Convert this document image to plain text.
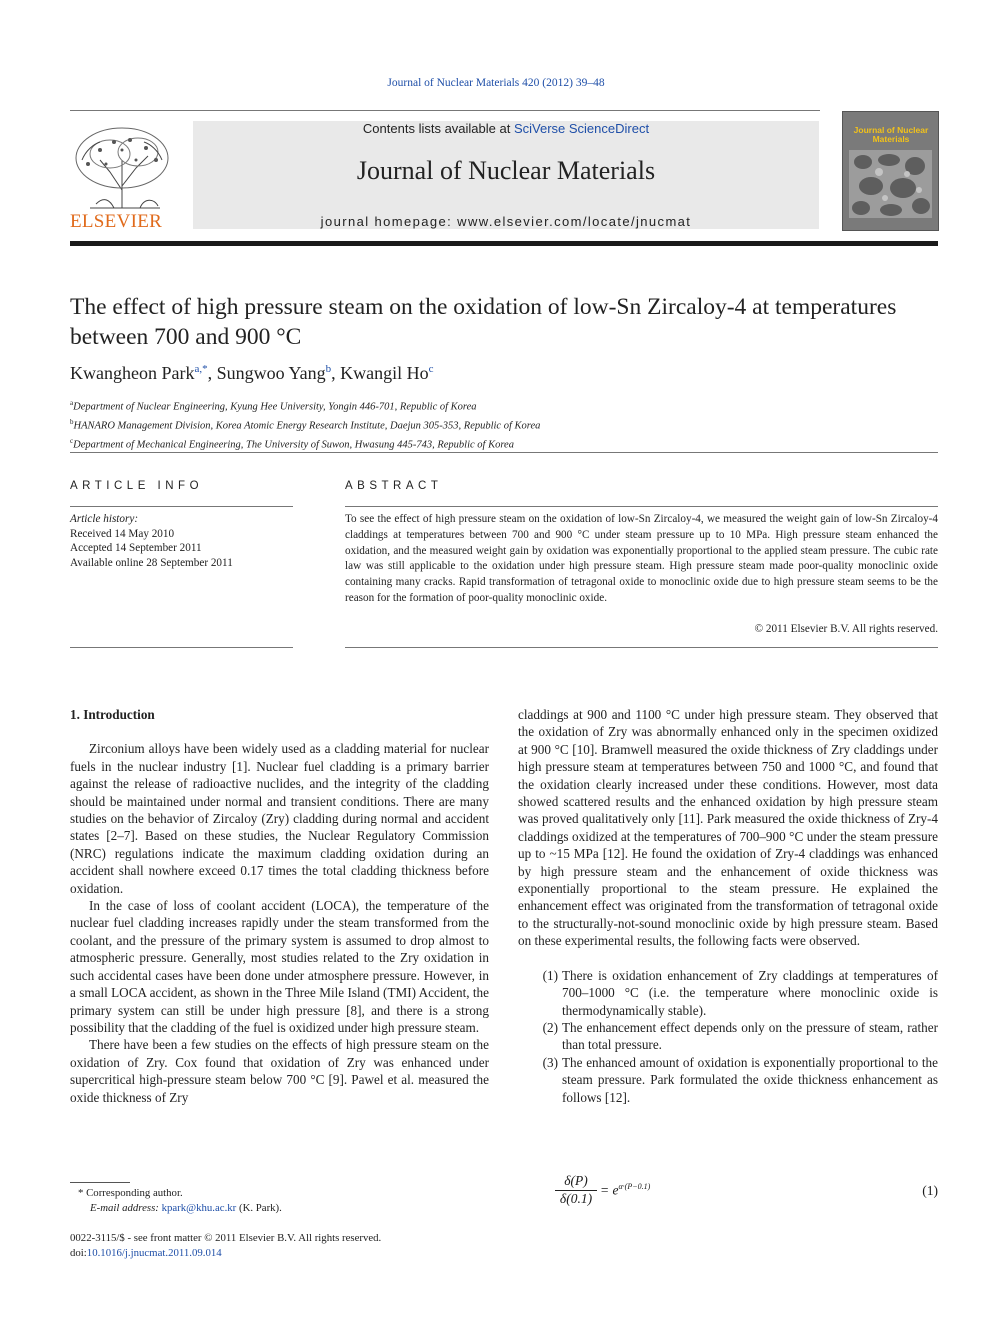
Journal of Nuclear Materials 420 (2012) 39–48
ELSEVIER
Contents lists available at SciVerse ScienceDirect
Journal of Nuclear Materials
journal homepage: www.elsevier.com/locate/jnucmat
Journal of Nuclear Materials
The effect of high pressure steam on the oxidation of low-Sn Zircaloy-4 at temperatures between 700 and 900 °C
Kwangheon Park$^{a,*}$, Sungwoo Yang$^b$, Kwangil Ho$^c$
$^a$Department of Nuclear Engineering, Kyung Hee University, Yongin 446-701, Republic of Korea
$^b$HANARO Management Division, Korea Atomic Energy Research Institute, Daejun 305-353, Republic of Korea
$^c$Department of Mechanical Engineering, The University of Suwon, Hwasung 445-743, Republic of Korea
ARTICLE INFO	ABSTRACT
Article history:
Received 14 May 2010
Accepted 14 September 2011
Available online 28 September 2011
To see the effect of high pressure steam on the oxidation of low-Sn Zircaloy-4, we measured the weight gain of low-Sn Zircaloy-4 claddings at temperatures between 700 and 900 °C under steam pressure up to 10 MPa. High pressure steam enhanced the oxidation, and the measured weight gain by oxidation was exponentially proportional to the applied steam pressure. The cubic rate law was still applicable to the oxidation under high pressure steam. High pressure steam made poor-quality monoclinic oxide containing many cracks. Rapid transformation of tetragonal oxide to monoclinic oxide due to high pressure steam seems to be the reason for the formation of poor-quality monoclinic oxide.
© 2011 Elsevier B.V. All rights reserved.
1. Introduction

Zirconium alloys have been widely used as a cladding material for nuclear fuels in the nuclear industry [1]. Nuclear fuel cladding is a primary barrier against the release of radioactive nuclides, and the integrity of the cladding should be maintained under normal and transient conditions. There are many studies on the behavior of Zircaloy (Zry) cladding during normal and accident states [2–7]. Based on these studies, the Nuclear Regulatory Commission (NRC) regulations indicate the maximum cladding oxidation during an accident shall nowhere exceed 0.17 times the total cladding thickness before oxidation.

In the case of loss of coolant accident (LOCA), the temperature of the nuclear fuel cladding increases rapidly under the steam transformed from the coolant, and the pressure of the primary system is assumed to drop almost to atmospheric pressure. Generally, most studies related to the Zry oxidation in such accidental cases have been done under atmosphere pressure. However, in a small LOCA accident, as shown in the Three Mile Island (TMI) Accident, the primary system can still be under high pressure [8], and there is a strong possibility that the cladding of the fuel is oxidized under high pressure steam.

There have been a few studies on the effects of high pressure steam on the oxidation of Zry. Cox found that oxidation of Zry was enhanced under supercritical high-pressure steam below 700 °C [9]. Pawel et al. measured the oxide thickness of Zry

claddings at 900 and 1100 °C under high pressure steam. They observed that the oxidation of Zry was abnormally enhanced only in the specimen oxidized at 900 °C [10]. Bramwell measured the oxide thickness of Zry claddings under high pressure steam at temperatures between 750 and 1000 °C, and found that the oxidation clearly increased under these conditions. However, most data showed scattered results and the enhanced oxidation by high pressure steam was proved qualitatively only [11]. Park measured the oxide thickness of Zry-4 claddings oxidized at the temperatures of 700–900 °C under the steam pressure up to ~15 MPa [12]. He found the oxidation of Zry-4 claddings was enhanced by high pressure steam and the enhancement of oxide thickness was exponentially proportional to the steam pressure. He explained the enhancement effect was originated from the transformation of tetragonal oxide to the structurally-not-sound monoclinic oxide by high pressure steam. Based on these experimental results, the following facts were observed.

(1) There is oxidation enhancement of Zry claddings at temperatures of 700–1000 °C (i.e. the temperature where monoclinic oxide is thermodynamically stable).
(2) The enhancement effect depends only on the pressure of steam, rather than total pressure.
(3) The enhanced amount of oxidation is exponentially proportional to the steam pressure. Park formulated the oxide thickness enhancement as follows [12].
$\frac{\delta(P)}{\delta(0.1)} = e^{\alpha\cdot(P-0.1)}$	(1)
* Corresponding author.
E-mail address: kpark@khu.ac.kr (K. Park).
0022-3115/$ - see front matter © 2011 Elsevier B.V. All rights reserved.
doi:10.1016/j.jnucmat.2011.09.014
